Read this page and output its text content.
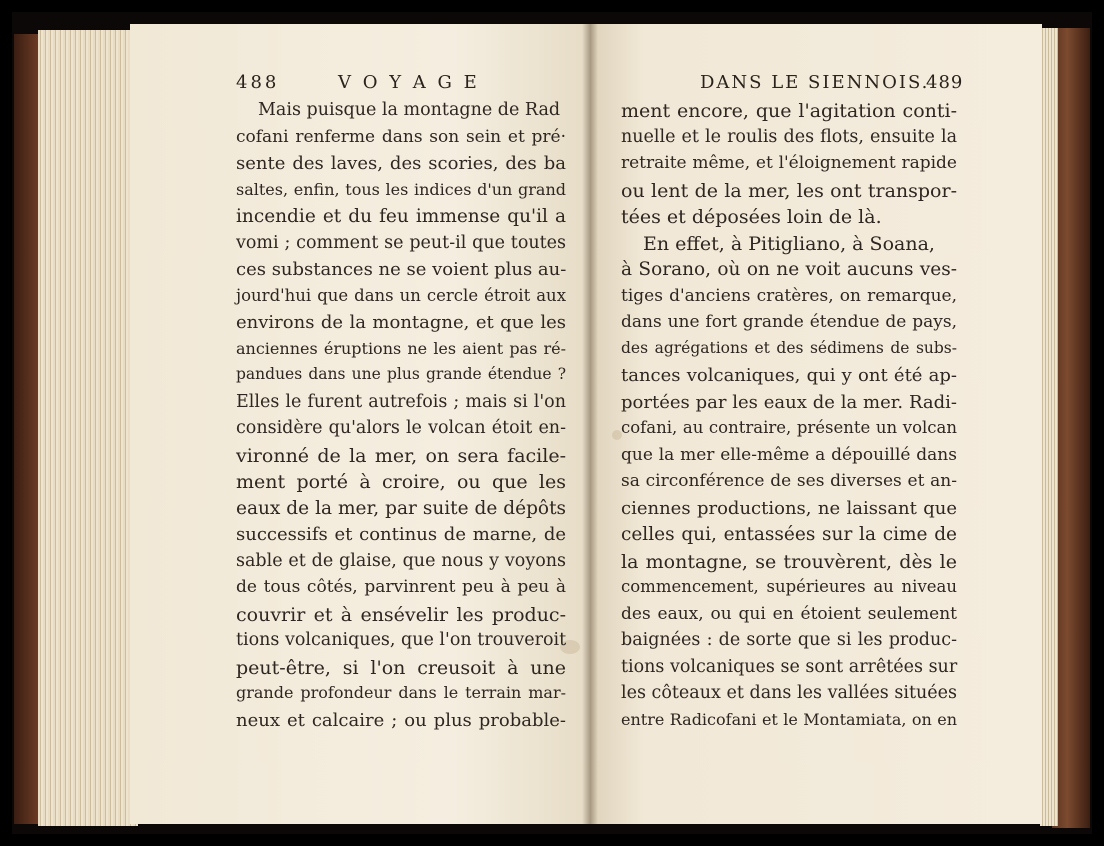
488	V O Y A G E	DANS LE SIENNOIS.
489
Mais puisque la montagne de Rad
cofani renferme dans son sein et pré·
sente des laves, des scories, des ba
saltes, enfin, tous les indices d'un grand
incendie et du feu immense qu'il a
vomi ; comment se peut-il que toutes
ces substances ne se voient plus au-
jourd'hui que dans un cercle étroit aux
environs de la montagne, et que les
anciennes éruptions ne les aient pas ré-
pandues dans une plus grande étendue ?
Elles le furent autrefois ; mais si l'on
considère qu'alors le volcan étoit en-
vironné de la mer, on sera facile-
ment porté à croire, ou que les
eaux de la mer, par suite de dépôts
successifs et continus de marne, de
sable et de glaise, que nous y voyons
de tous côtés, parvinrent peu à peu à
couvrir et à ensévelir les produc-
tions volcaniques, que l'on trouveroit
peut-être, si l'on creusoit à une
grande profondeur dans le terrain mar-
neux et calcaire ; ou plus probable-
ment encore, que l'agitation conti-
nuelle et le roulis des flots, ensuite la
retraite même, et l'éloignement rapide
ou lent de la mer, les ont transpor-
tées et déposées loin de là.
En effet, à Pitigliano, à Soana,
à Sorano, où on ne voit aucuns ves-
tiges d'anciens cratères, on remarque,
dans une fort grande étendue de pays,
des agrégations et des sédimens de subs-
tances volcaniques, qui y ont été ap-
portées par les eaux de la mer. Radi-
cofani, au contraire, présente un volcan
que la mer elle-même a dépouillé dans
sa circonférence de ses diverses et an-
ciennes productions, ne laissant que
celles qui, entassées sur la cime de
la montagne, se trouvèrent, dès le
commencement, supérieures au niveau
des eaux, ou qui en étoient seulement
baignées : de sorte que si les produc-
tions volcaniques se sont arrêtées sur
les côteaux et dans les vallées situées
entre Radicofani et le Montamiata, on en
